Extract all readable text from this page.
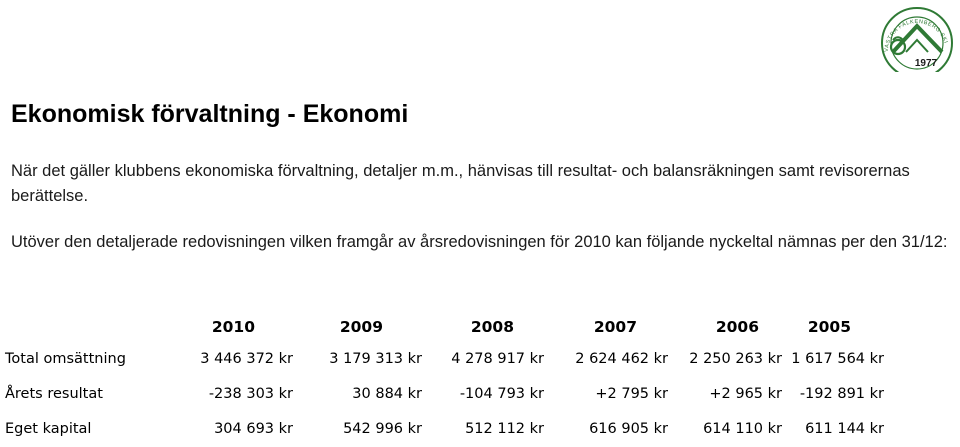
VASTRA FALKENBERG SKI
1977
Ekonomisk förvaltning - Ekonomi

När det gäller klubbens ekonomiska förvaltning, detaljer m.m., hänvisas till resultat- och balansräkningen samt revisorernas berättelse.

Utöver den detaljerade redovisningen vilken framgår av årsredovisningen för 2010 kan följande nyckeltal nämnas per den 31/12:

	2010	2009	2008	2007	2006	2005
Total omsättning	3 446 372 kr	3 179 313 kr	4 278 917 kr	2 624 462 kr	2 250 263 kr	1 617 564 kr
Årets resultat	-238 303 kr	30 884 kr	-104 793 kr	+2 795 kr	+2 965 kr	-192 891 kr
Eget kapital	304 693 kr	542 996 kr	512 112 kr	616 905 kr	614 110 kr	611 144 kr
